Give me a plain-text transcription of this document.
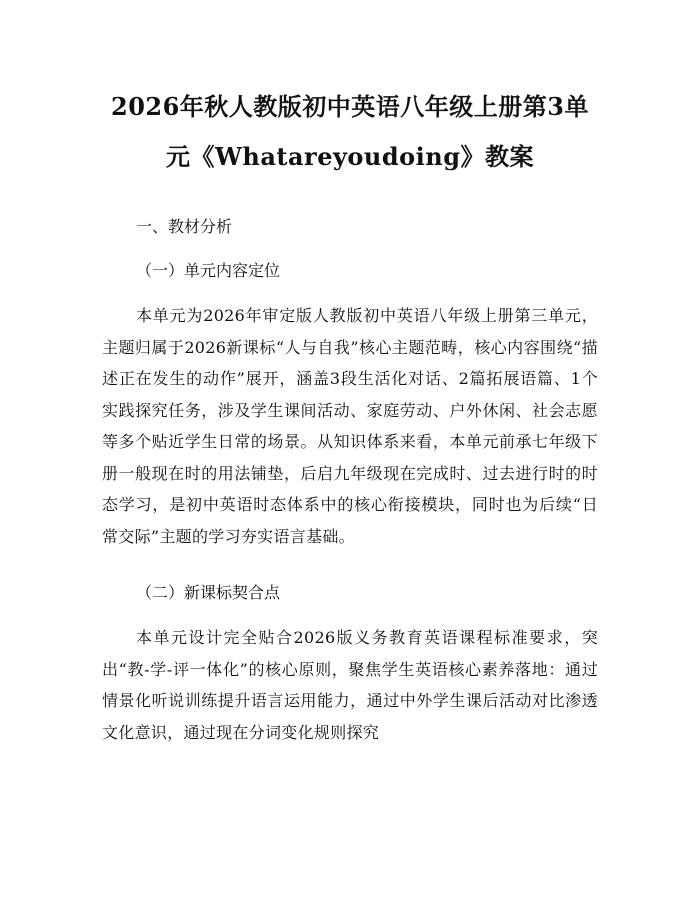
2026年秋人教版初中英语八年级上册第3单
元《Whatareyoudoing》教案
一、教材分析
（一）单元内容定位

本单元为2026年审定版人教版初中英语八年级上册第三单元，主题归属于2026新课标“人与自我”核心主题范畴，核心内容围绕“描述正在发生的动作”展开，涵盖3段生活化对话、2篇拓展语篇、1个实践探究任务，涉及学生课间活动、家庭劳动、户外休闲、社会志愿等多个贴近学生日常的场景。从知识体系来看，本单元前承七年级下册一般现在时的用法铺垫，后启九年级现在完成时、过去进行时的时态学习，是初中英语时态体系中的核心衔接模块，同时也为后续“日常交际”主题的学习夯实语言基础。

（二）新课标契合点

本单元设计完全贴合2026版义务教育英语课程标准要求，突出“教-学-评一体化”的核心原则，聚焦学生英语核心素养落地：通过情景化听说训练提升语言运用能力，通过中外学生课后活动对比渗透文化意识，通过现在分词变化规则探究
